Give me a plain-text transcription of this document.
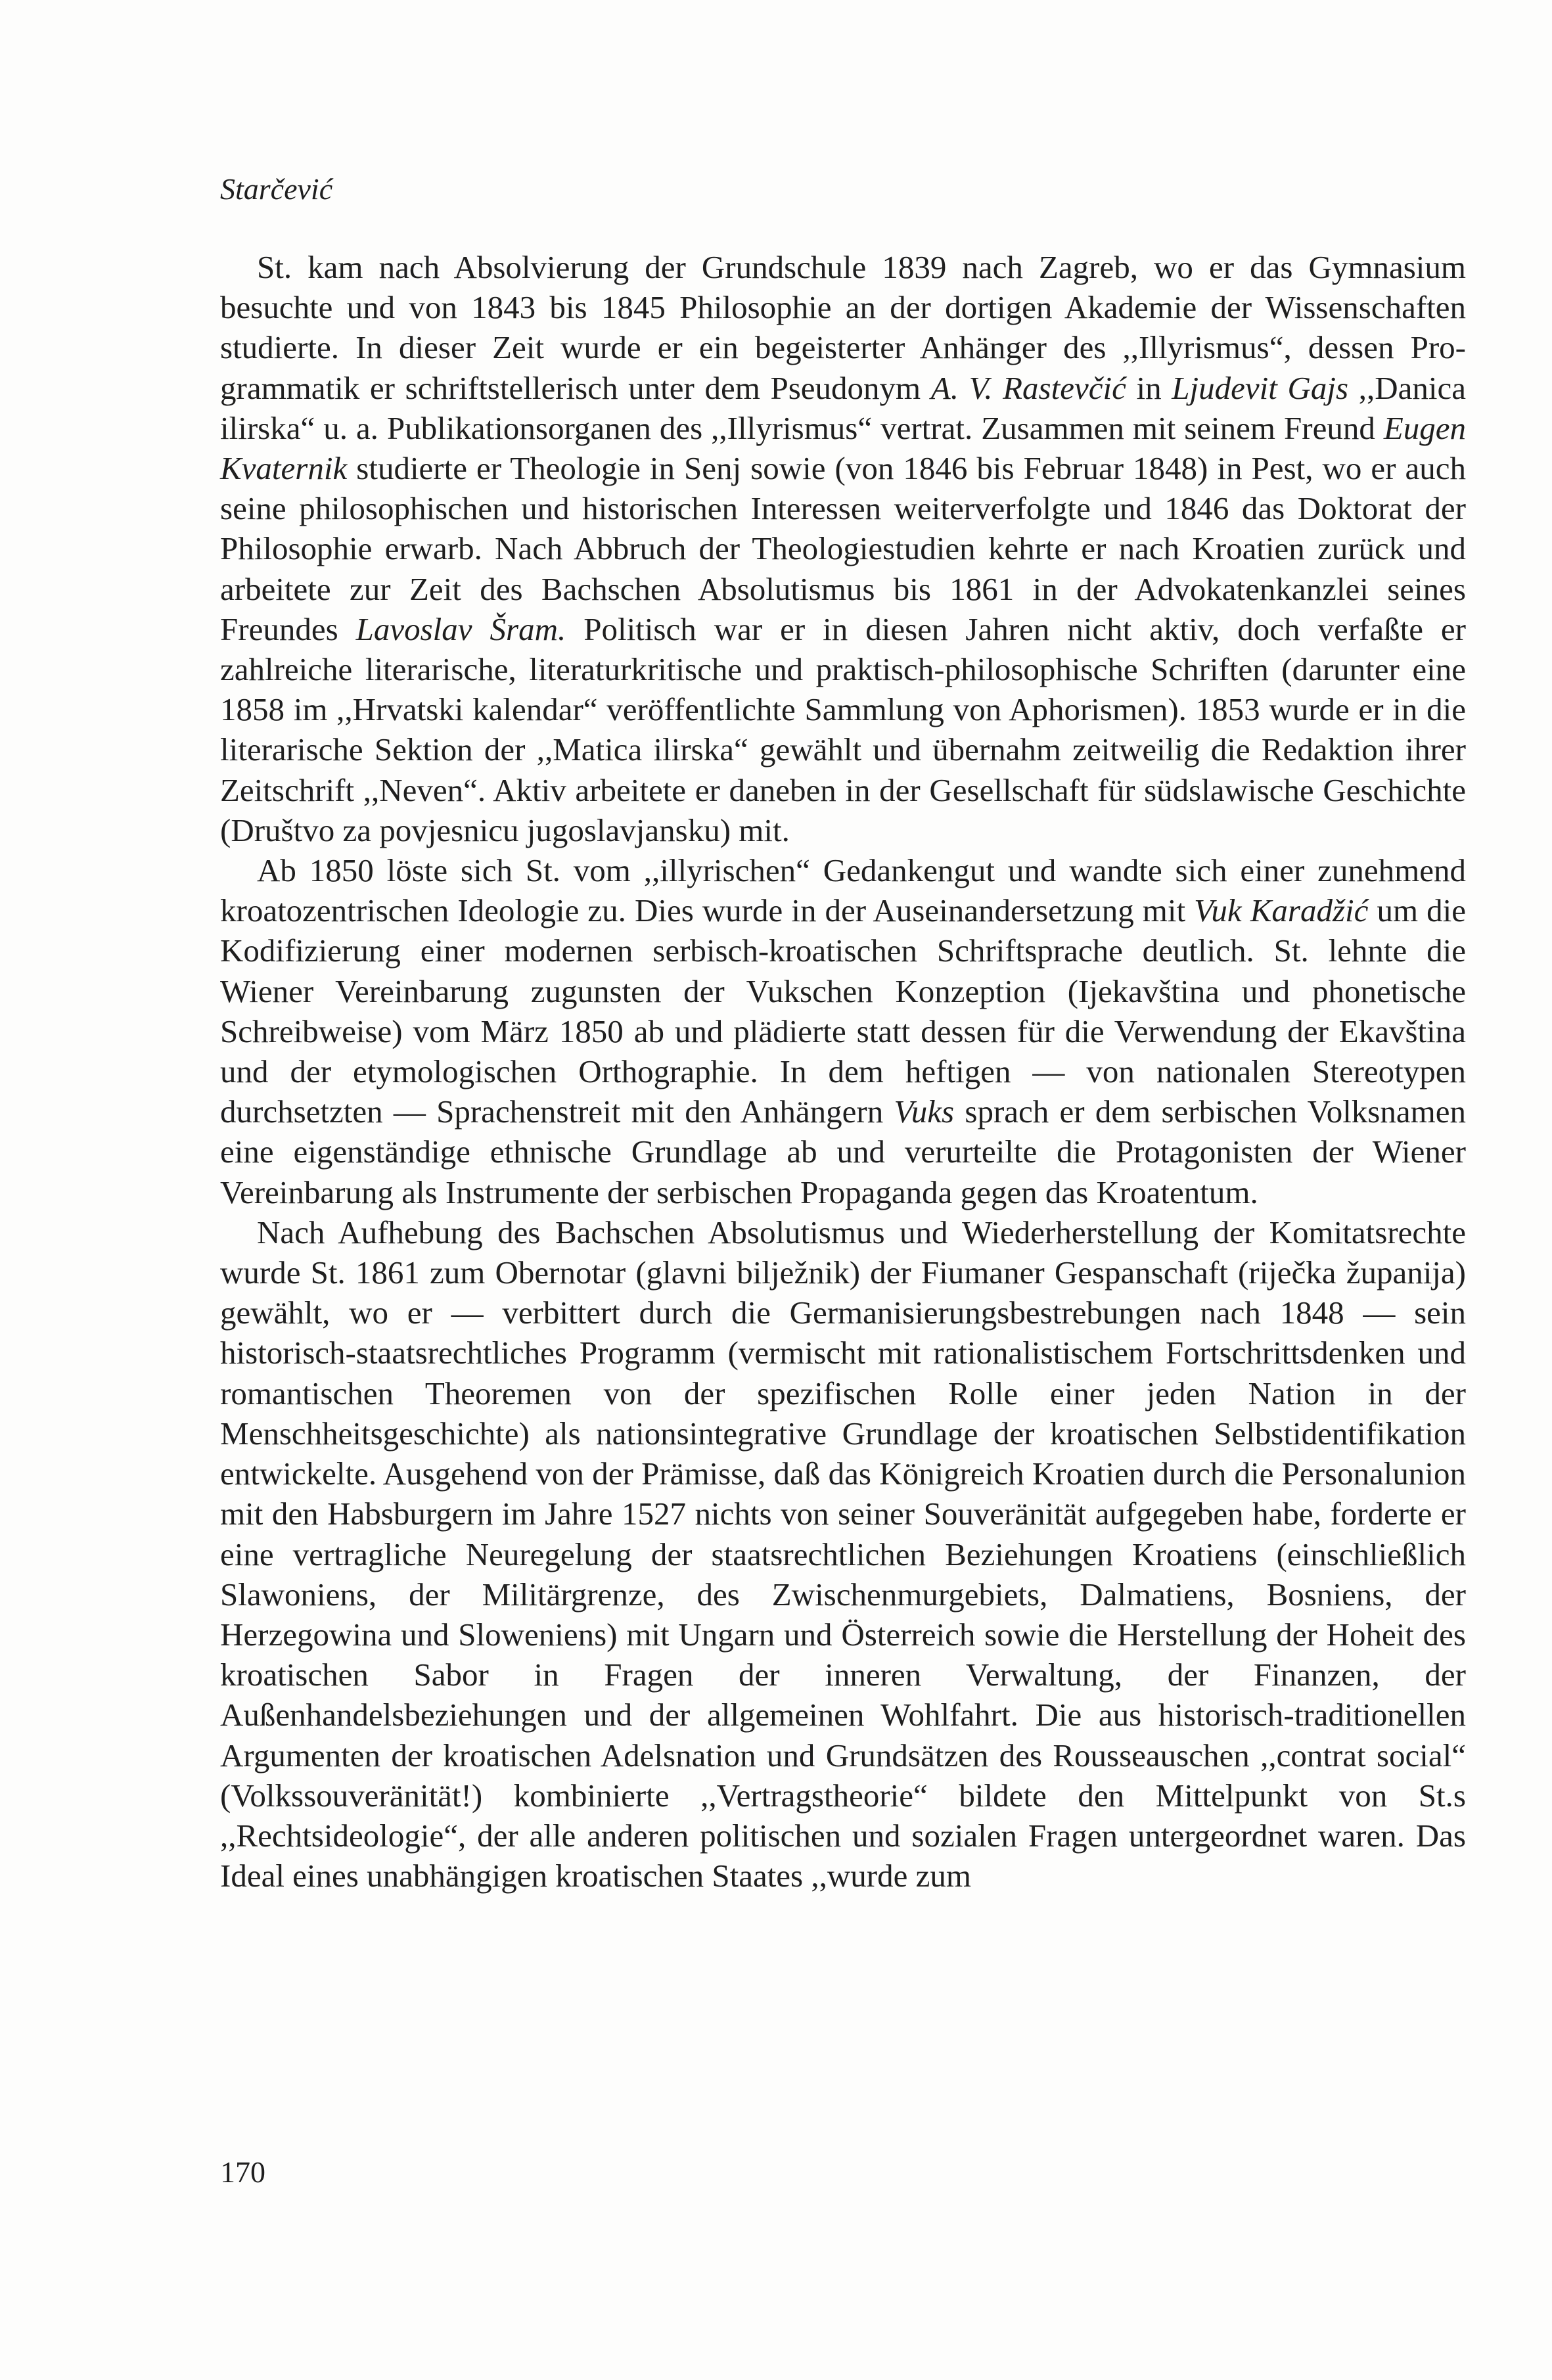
Starčević

St. kam nach Absolvierung der Grundschule 1839 nach Zagreb, wo er das Gymnasium besuchte und von 1843 bis 1845 Philosophie an der dortigen Akademie der Wissenschaften studierte. In dieser Zeit wurde er ein begeisterter Anhänger des ,,Illyrismus“, dessen Programmatik er schriftstellerisch unter dem Pseudonym A. V. Rastevčić in Ljudevit Gajs ,,Danica ilirska“ u. a. Publikationsorganen des ,,Illyrismus“ vertrat. Zusammen mit seinem Freund Eugen Kvaternik studierte er Theologie in Senj sowie (von 1846 bis Februar 1848) in Pest, wo er auch seine philosophischen und historischen Interessen weiterverfolgte und 1846 das Doktorat der Philosophie erwarb. Nach Abbruch der Theologiestudien kehrte er nach Kroatien zurück und arbeitete zur Zeit des Bachschen Absolutismus bis 1861 in der Advokatenkanzlei seines Freundes Lavoslav Šram. Politisch war er in diesen Jahren nicht aktiv, doch verfaßte er zahlreiche literarische, literaturkritische und praktisch-philosophische Schriften (darunter eine 1858 im ,,Hrvatski kalendar“ veröffentlichte Sammlung von Aphorismen). 1853 wurde er in die literarische Sektion der ,,Matica ilirska“ gewählt und übernahm zeitweilig die Redaktion ihrer Zeitschrift ,,Neven“. Aktiv arbeitete er daneben in der Gesellschaft für südslawische Geschichte (Društvo za povjesnicu jugoslavjansku) mit.

Ab 1850 löste sich St. vom ,,illyrischen“ Gedankengut und wandte sich einer zunehmend kroatozentrischen Ideologie zu. Dies wurde in der Auseinandersetzung mit Vuk Karadžić um die Kodifizierung einer modernen serbisch-kroatischen Schriftsprache deutlich. St. lehnte die Wiener Vereinbarung zugunsten der Vukschen Konzeption (Ijekavština und phonetische Schreibweise) vom März 1850 ab und plädierte statt dessen für die Verwendung der Ekavština und der etymologischen Orthographie. In dem heftigen — von nationalen Stereotypen durchsetzten — Sprachenstreit mit den Anhängern Vuks sprach er dem serbischen Volksnamen eine eigenständige ethnische Grundlage ab und verurteilte die Protagonisten der Wiener Vereinbarung als Instrumente der serbischen Propaganda gegen das Kroatentum.

Nach Aufhebung des Bachschen Absolutismus und Wiederherstellung der Komitatsrechte wurde St. 1861 zum Obernotar (glavni bilježnik) der Fiumaner Gespanschaft (riječka županija) gewählt, wo er — verbittert durch die Germanisierungsbestrebungen nach 1848 — sein historisch-staatsrechtliches Programm (vermischt mit rationalistischem Fortschrittsdenken und romantischen Theoremen von der spezifischen Rolle einer jeden Nation in der Menschheitsgeschichte) als nationsintegrative Grundlage der kroatischen Selbstidentifikation entwickelte. Ausgehend von der Prämisse, daß das Königreich Kroatien durch die Personalunion mit den Habsburgern im Jahre 1527 nichts von seiner Souveränität aufgegeben habe, forderte er eine vertragliche Neuregelung der staatsrechtlichen Beziehungen Kroatiens (einschließlich Slawoniens, der Militärgrenze, des Zwischenmurgebiets, Dalmatiens, Bosniens, der Herzegowina und Sloweniens) mit Ungarn und Österreich sowie die Herstellung der Hoheit des kroatischen Sabor in Fragen der inneren Verwaltung, der Finanzen, der Außenhandelsbeziehungen und der allgemeinen Wohlfahrt. Die aus historisch-traditionellen Argumenten der kroatischen Adelsnation und Grundsätzen des Rousseauschen ,,contrat social“ (Volkssouveränität!) kombinierte ,,Vertragstheorie“ bildete den Mittelpunkt von St.s ,,Rechtsideologie“, der alle anderen politischen und sozialen Fragen untergeordnet waren. Das Ideal eines unabhängigen kroatischen Staates ,,wurde zum

170
